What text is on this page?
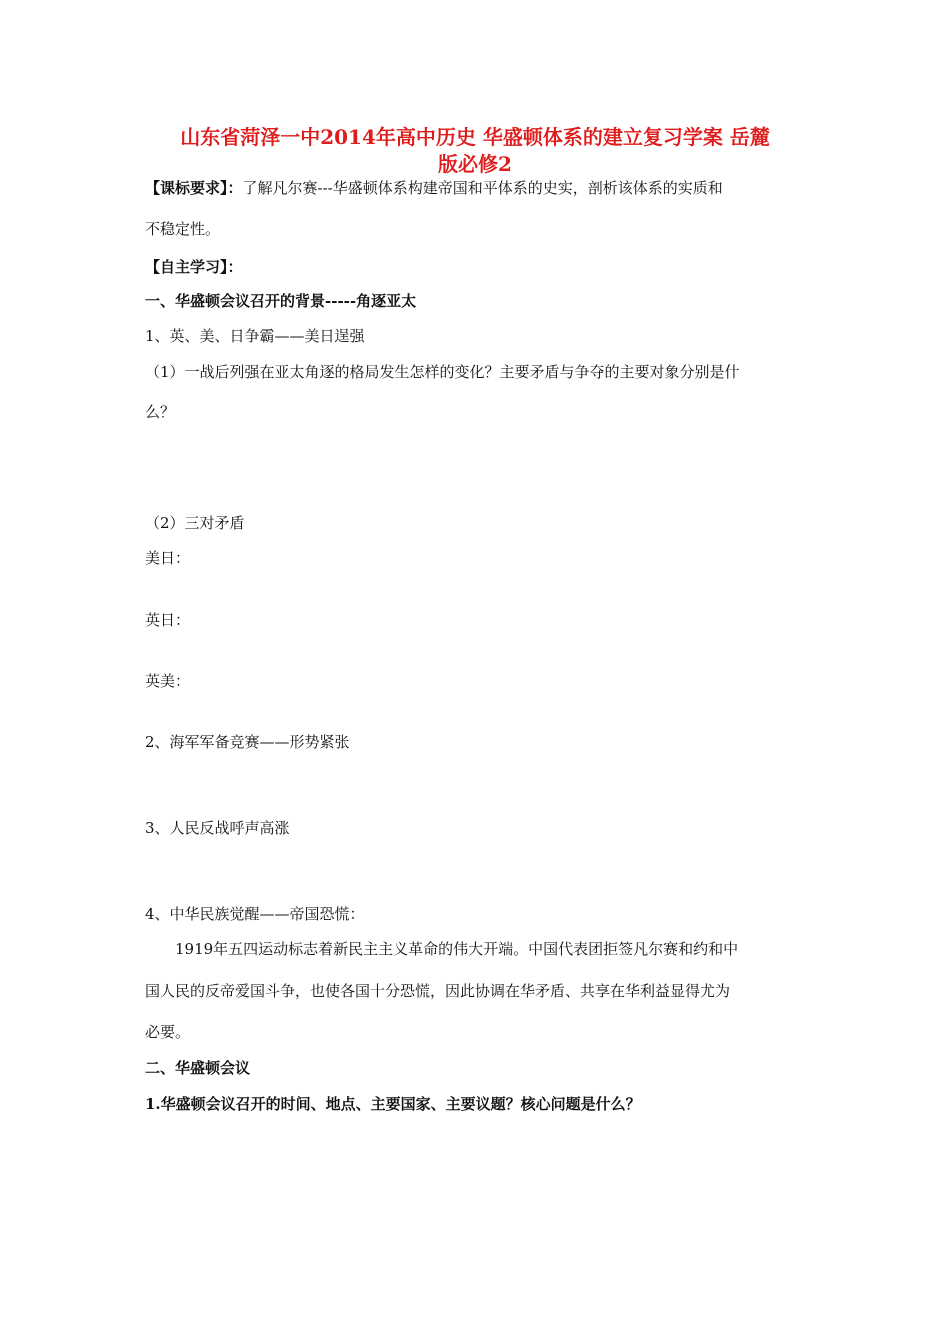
山东省菏泽一中2014年高中历史 华盛顿体系的建立复习学案 岳麓
版必修2
【课标要求】：了解凡尔赛---华盛顿体系构建帝国和平体系的史实，剖析该体系的实质和
不稳定性。
【自主学习】：
一、华盛顿会议召开的背景-----角逐亚太
1、英、美、日争霸——美日逞强
（1）一战后列强在亚太角逐的格局发生怎样的变化？主要矛盾与争夺的主要对象分别是什
么？
（2）三对矛盾
美日：
英日：
英美：
2、海军军备竞赛——形势紧张
3、人民反战呼声高涨
4、中华民族觉醒——帝国恐慌：
1919年五四运动标志着新民主主义革命的伟大开端。中国代表团拒签凡尔赛和约和中
国人民的反帝爱国斗争，也使各国十分恐慌，因此协调在华矛盾、共享在华利益显得尤为
必要。
二、华盛顿会议
1.华盛顿会议召开的时间、地点、主要国家、主要议题？核心问题是什么？
